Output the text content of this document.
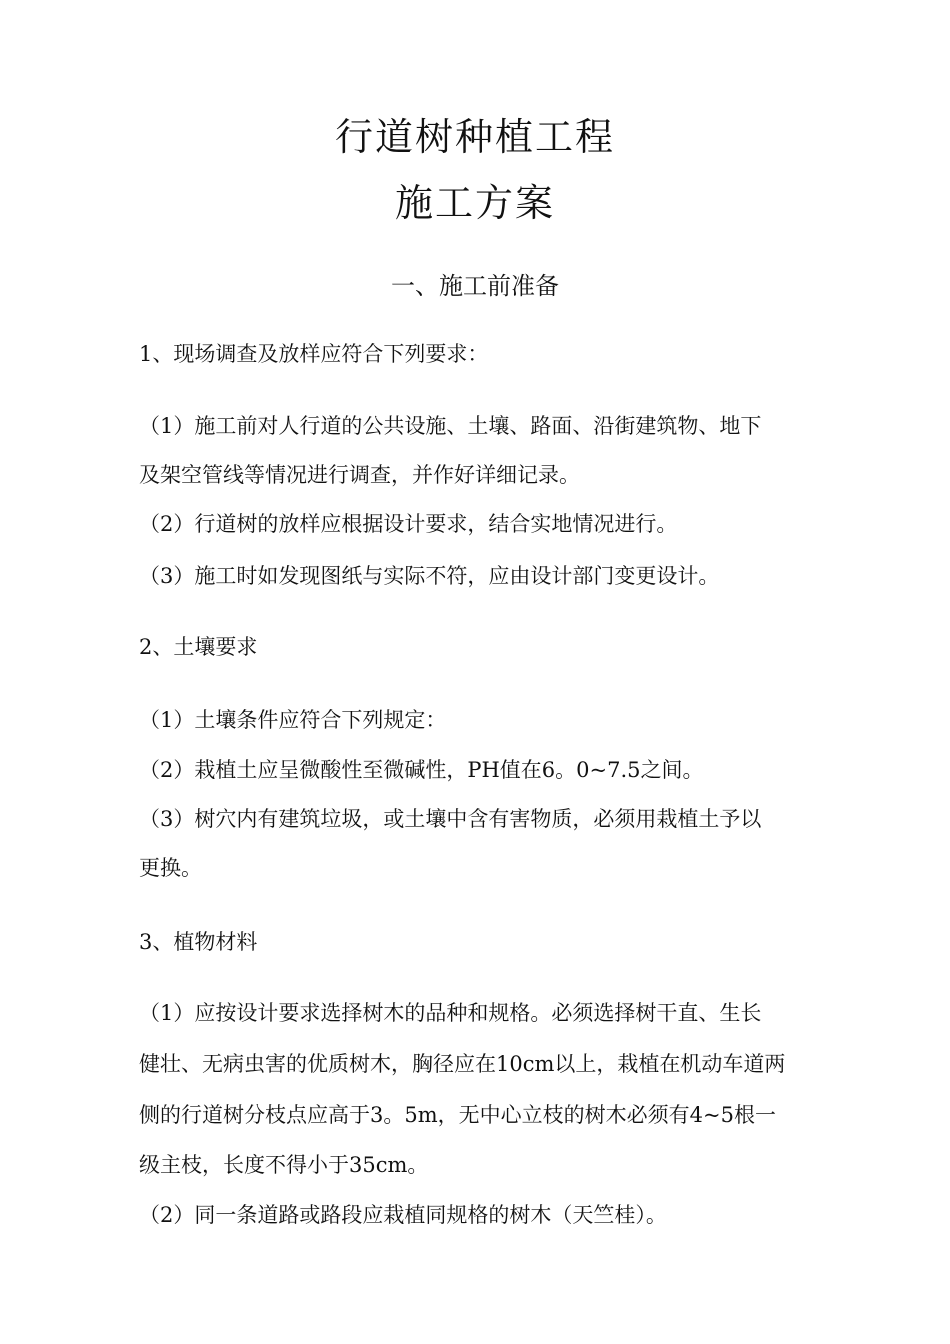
行道树种植工程
施工方案
一、施工前准备
1、现场调查及放样应符合下列要求：
（1）施工前对人行道的公共设施、土壤、路面、沿街建筑物、地下
及架空管线等情况进行调查，并作好详细记录。
（2）行道树的放样应根据设计要求，结合实地情况进行。
（3）施工时如发现图纸与实际不符，应由设计部门变更设计。
2、土壤要求
（1）土壤条件应符合下列规定：
（2）栽植土应呈微酸性至微碱性，PH值在6。0~7.5之间。
（3）树穴内有建筑垃圾，或土壤中含有害物质，必须用栽植土予以
更换。
3、植物材料
（1）应按设计要求选择树木的品种和规格。必须选择树干直、生长
健壮、无病虫害的优质树木，胸径应在10cm以上，栽植在机动车道两
侧的行道树分枝点应高于3。5m，无中心立枝的树木必须有4~5根一
级主枝，长度不得小于35cm。
（2）同一条道路或路段应栽植同规格的树木（天竺桂）。
